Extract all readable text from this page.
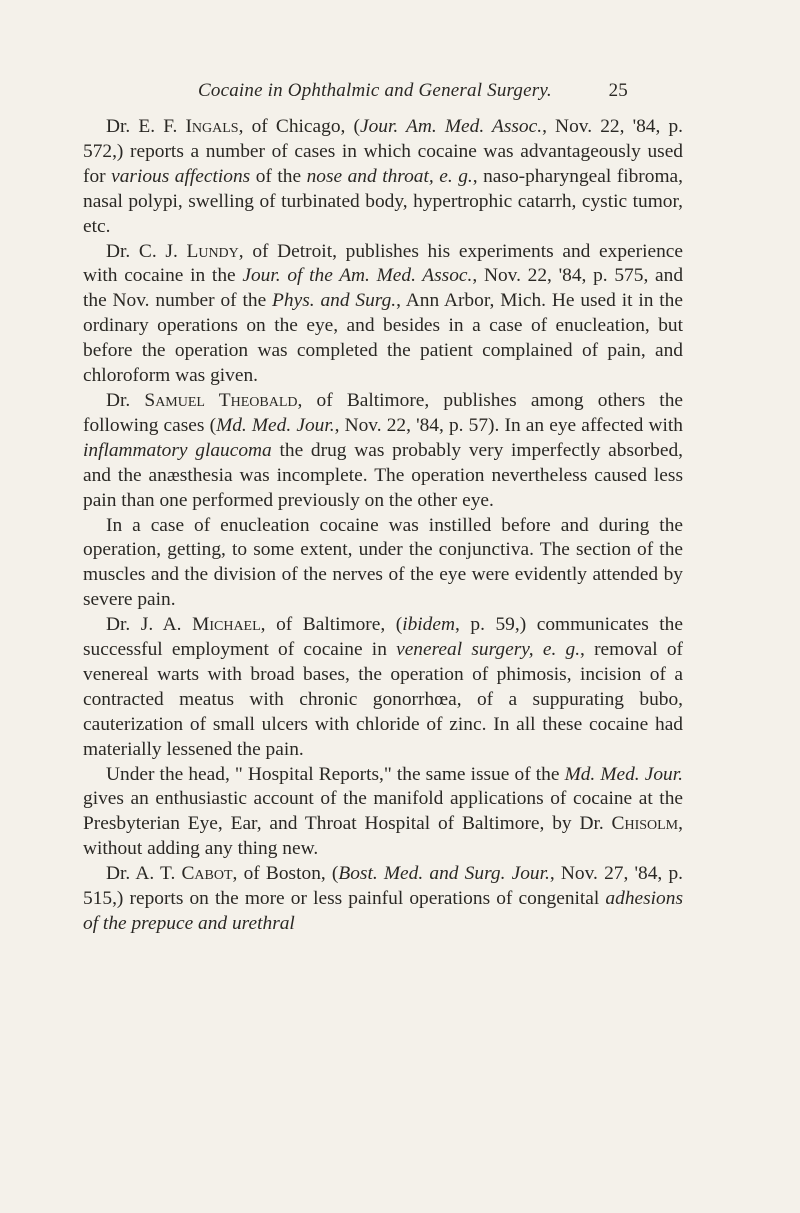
Cocaine in Ophthalmic and General Surgery.	25

Dr. E. F. Ingals, of Chicago, (Jour. Am. Med. Assoc., Nov. 22, '84, p. 572,) reports a number of cases in which cocaine was advantageously used for various affections of the nose and throat, e. g., naso-pharyngeal fibroma, nasal polypi, swelling of turbinated body, hypertrophic catarrh, cystic tumor, etc.

Dr. C. J. Lundy, of Detroit, publishes his experiments and experience with cocaine in the Jour. of the Am. Med. Assoc., Nov. 22, '84, p. 575, and the Nov. number of the Phys. and Surg., Ann Arbor, Mich. He used it in the ordinary operations on the eye, and besides in a case of enucleation, but before the operation was completed the patient complained of pain, and chloroform was given.

Dr. Samuel Theobald, of Baltimore, publishes among others the following cases (Md. Med. Jour., Nov. 22, '84, p. 57). In an eye affected with inflammatory glaucoma the drug was probably very imperfectly absorbed, and the anæsthesia was incomplete. The operation nevertheless caused less pain than one performed previously on the other eye.

In a case of enucleation cocaine was instilled before and during the operation, getting, to some extent, under the conjunctiva. The section of the muscles and the division of the nerves of the eye were evidently attended by severe pain.

Dr. J. A. Michael, of Baltimore, (ibidem, p. 59,) communicates the successful employment of cocaine in venereal surgery, e. g., removal of venereal warts with broad bases, the operation of phimosis, incision of a contracted meatus with chronic gonorrhœa, of a suppurating bubo, cauterization of small ulcers with chloride of zinc. In all these cocaine had materially lessened the pain.

Under the head, " Hospital Reports," the same issue of the Md. Med. Jour. gives an enthusiastic account of the manifold applications of cocaine at the Presbyterian Eye, Ear, and Throat Hospital of Baltimore, by Dr. Chisolm, without adding any thing new.

Dr. A. T. Cabot, of Boston, (Bost. Med. and Surg. Jour., Nov. 27, '84, p. 515,) reports on the more or less painful operations of congenital adhesions of the prepuce and urethral
